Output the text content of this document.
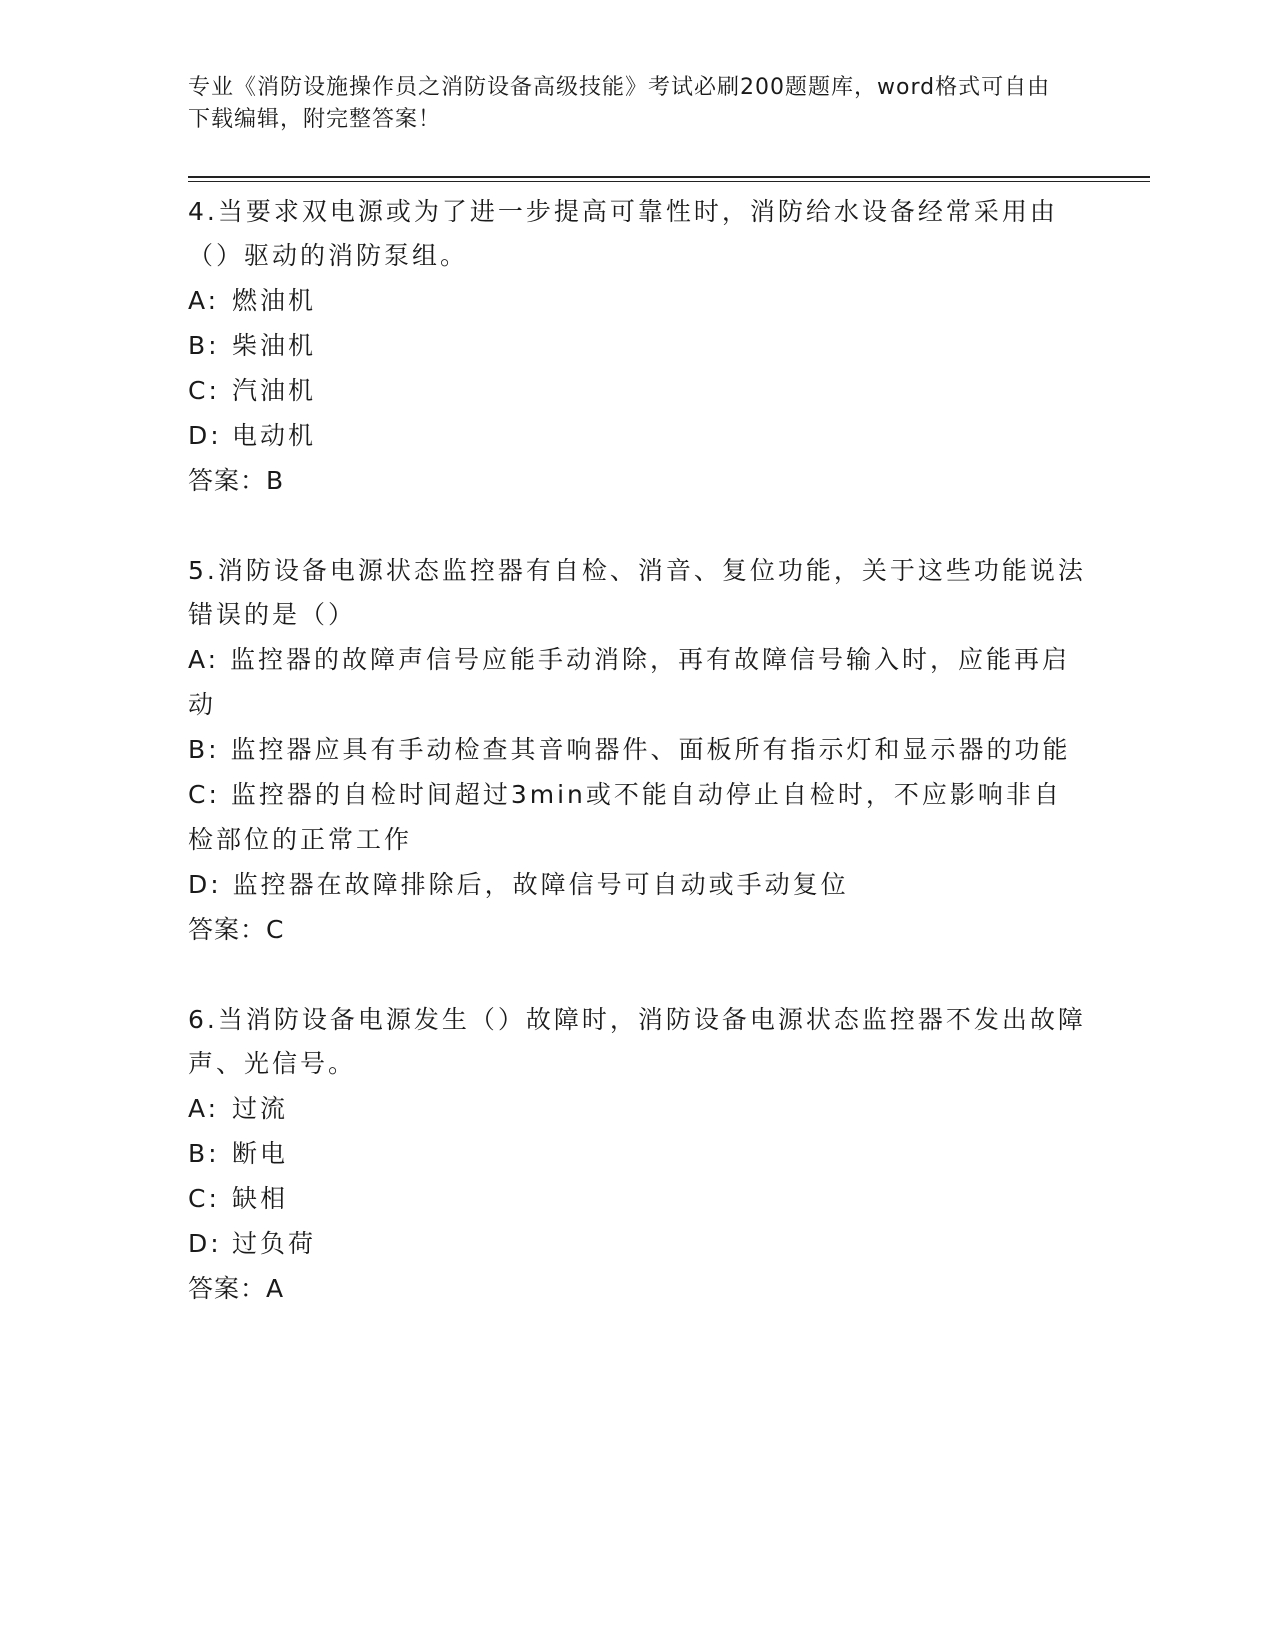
专业《消防设施操作员之消防设备高级技能》考试必刷200题题库，word格式可自由下载编辑，附完整答案！
4.当要求双电源或为了进一步提高可靠性时，消防给水设备经常采用由（）驱动的消防泵组。
A: 燃油机
B: 柴油机
C: 汽油机
D: 电动机
答案：B
5.消防设备电源状态监控器有自检、消音、复位功能，关于这些功能说法错误的是（）
A: 监控器的故障声信号应能手动消除，再有故障信号输入时，应能再启动
B: 监控器应具有手动检查其音响器件、面板所有指示灯和显示器的功能
C: 监控器的自检时间超过3min或不能自动停止自检时，不应影响非自检部位的正常工作
D: 监控器在故障排除后，故障信号可自动或手动复位
答案：C
6.当消防设备电源发生（）故障时，消防设备电源状态监控器不发出故障声、光信号。
A: 过流
B: 断电
C: 缺相
D: 过负荷
答案：A
